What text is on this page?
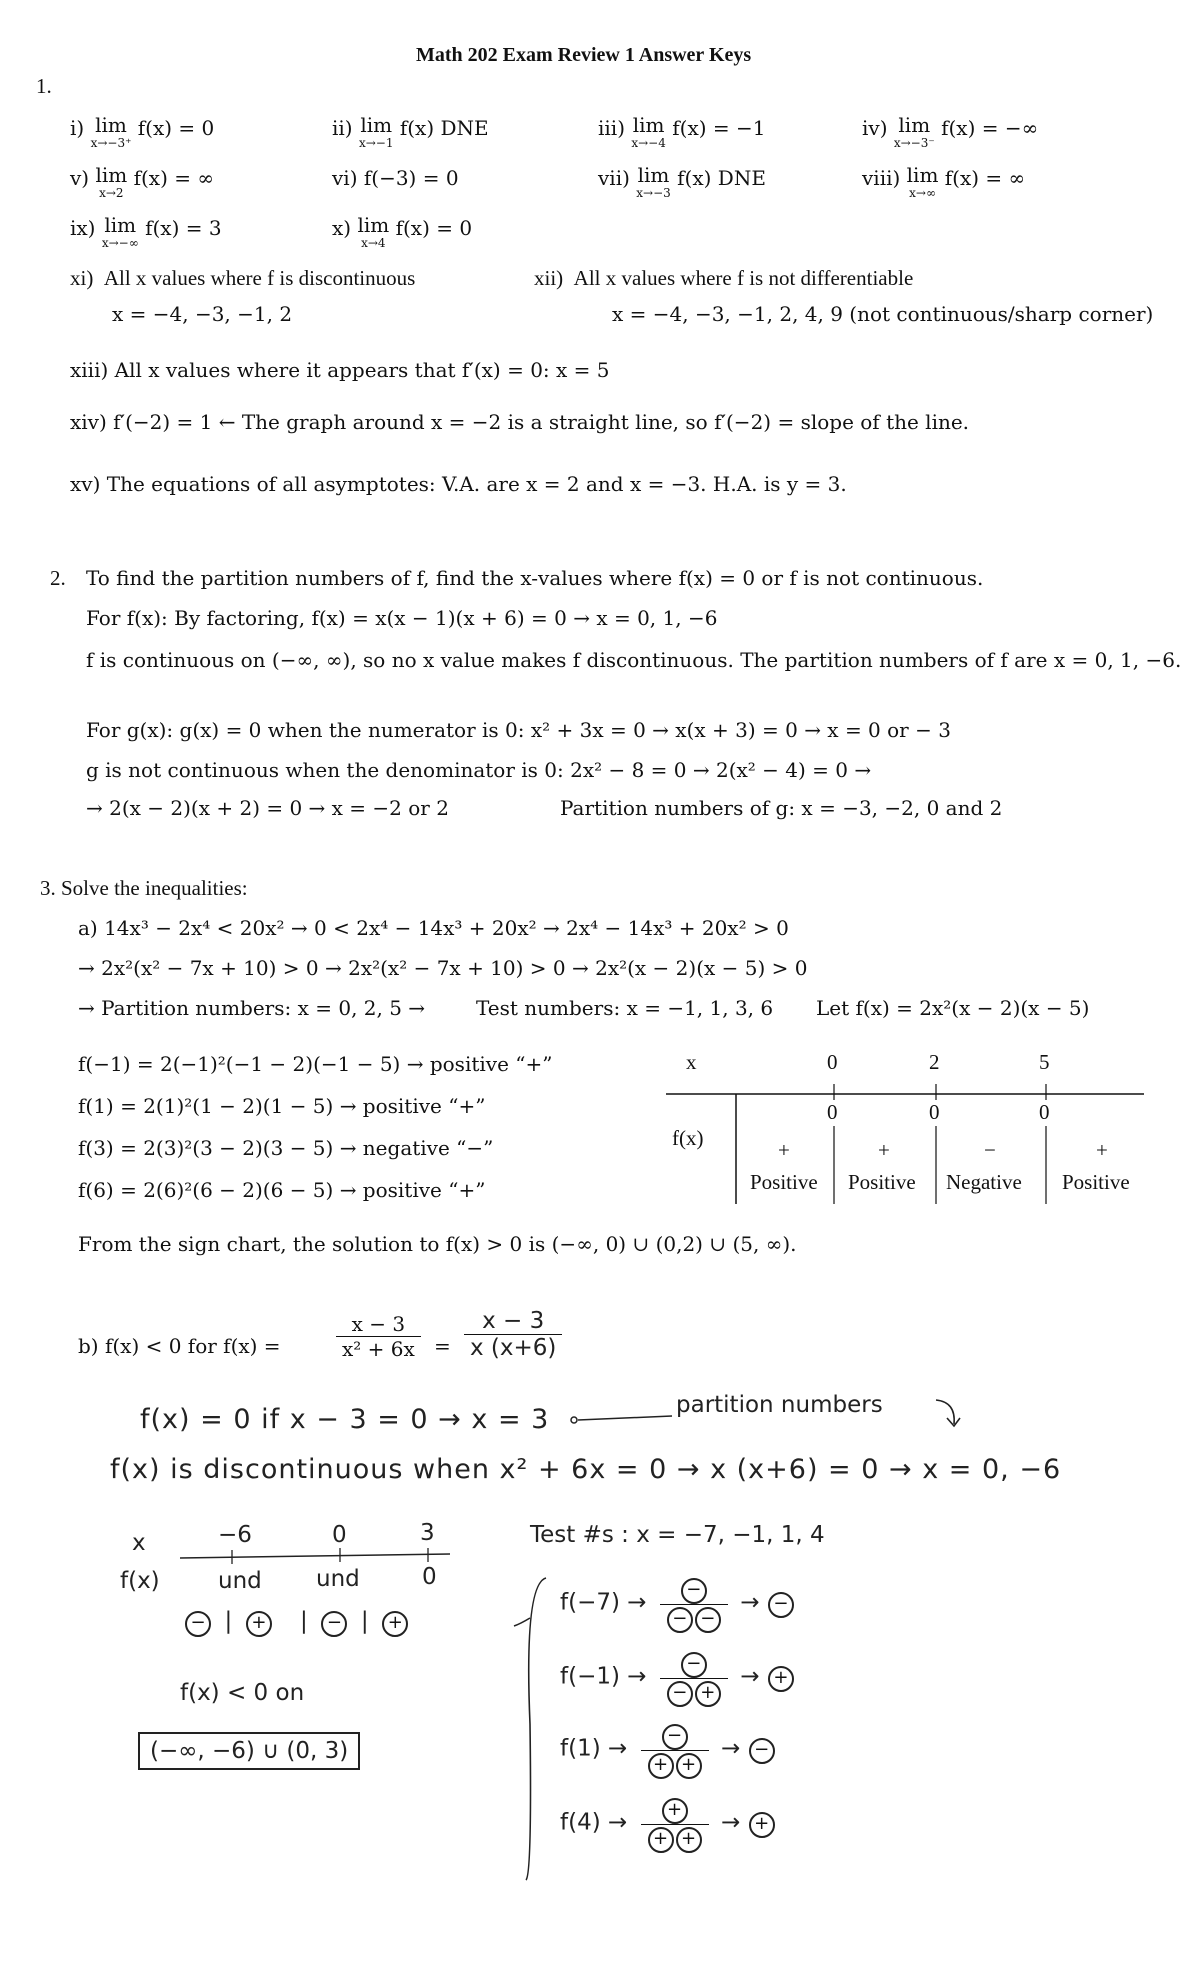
Math 202 Exam Review 1 Answer Keys
1.
i) lim
x→−3⁺
f(x) = 0	ii) lim
x→−1
f(x) DNE	iii) lim
x→−4
f(x) = −1	iv) lim
x→−3⁻
f(x) = −∞
v) lim
x→2
f(x) = ∞	vi) f(−3) = 0	vii) lim
x→−3
f(x) DNE	viii) lim
x→∞
f(x) = ∞
ix) lim
x→−∞
f(x) = 3	x) lim
x→4
f(x) = 0
xi) All x values where f is discontinuous
x = −4, −3, −1, 2
xii) All x values where f is not differentiable
x = −4, −3, −1, 2, 4, 9 (not continuous/sharp corner)
xiii) All x values where it appears that f′(x) = 0: x = 5
xiv) f′(−2) = 1 ← The graph around x = −2 is a straight line, so f′(−2) = slope of the line.
xv) The equations of all asymptotes: V.A. are x = 2 and x = −3. H.A. is y = 3.
2. To find the partition numbers of f, find the x-values where f(x) = 0 or f is not continuous.
For f(x): By factoring, f(x) = x(x − 1)(x + 6) = 0 → x = 0, 1, −6
f is continuous on (−∞, ∞), so no x value makes f discontinuous. The partition numbers of f are x = 0, 1, −6.
For g(x): g(x) = 0 when the numerator is 0: x² + 3x = 0 → x(x + 3) = 0 → x = 0 or − 3
g is not continuous when the denominator is 0: 2x² − 8 = 0 → 2(x² − 4) = 0 →
→ 2(x − 2)(x + 2) = 0 → x = −2 or 2	Partition numbers of g: x = −3, −2, 0 and 2
3. Solve the inequalities:
a) 14x³ − 2x⁴ < 20x² → 0 < 2x⁴ − 14x³ + 20x² → 2x⁴ − 14x³ + 20x² > 0
→ 2x²(x² − 7x + 10) > 0 → 2x²(x² − 7x + 10) > 0 → 2x²(x − 2)(x − 5) > 0
→ Partition numbers: x = 0, 2, 5 →	Test numbers: x = −1, 1, 3, 6 Let f(x) = 2x²(x − 2)(x − 5)
f(−1) = 2(−1)²(−1 − 2)(−1 − 5) → positive “+”
f(1) = 2(1)²(1 − 2)(1 − 5) → positive “+”
f(3) = 2(3)²(3 − 2)(3 − 5) → negative “−”
f(6) = 2(6)²(6 − 2)(6 − 5) → positive “+”
x
f(x)
0	2	5
0	0	0
+	+	−	+
Positive Positive Negative Positive
From the sign chart, the solution to f(x) > 0 is (−∞, 0) ∪ (0,2) ∪ (5, ∞).
b) f(x) < 0 for f(x) =	$\frac{x - 3}{\text{x² + 6x}} = \frac{x - 3}{x (x+6)}$
f(x) = 0 if x − 3 = 0 → x = 3	partition numbers
f(x) is discontinuous when x² + 6x = 0 → x (x+6) = 0 → x = 0, −6
x	−6	0	3
f(x)	und und	0
−  |  +    |  −  |  +
f(x) < 0 on
(−∞, −6) ∪ (0, 3)
Test #s : x = −7, −1, 1, 4
$f(-7) \to \frac{-}{- -}$ → −
$f(-1) \to \frac{-}{- +}$ → +
$f(1) \to \frac{-}{+ +}$ → −
$f(4) \to \frac{+}{+ +}$ → +
